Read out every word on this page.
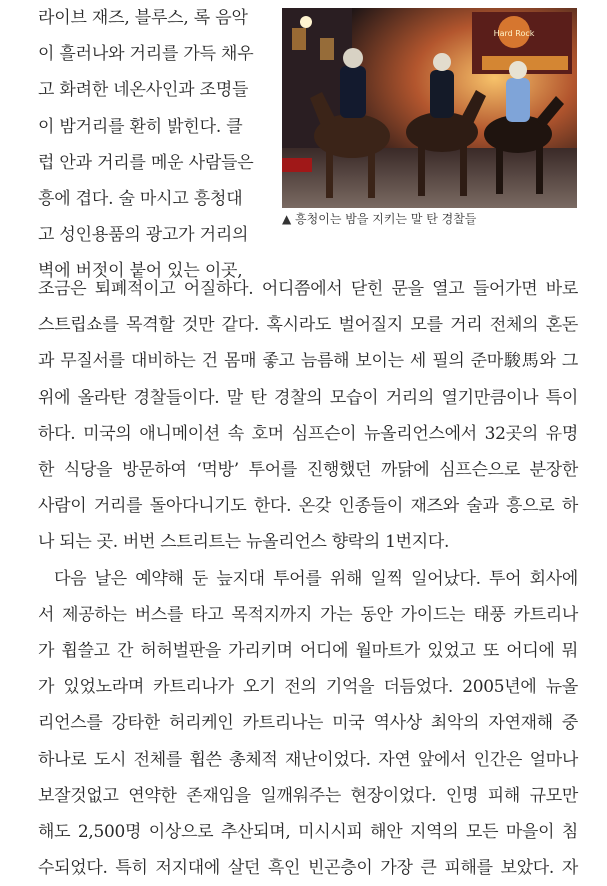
라이브 재즈, 블루스, 록 음악
이 흘러나와 거리를 가득 채우
고 화려한 네온사인과 조명들
이 밤거리를 환히 밝힌다. 클
럽 안과 거리를 메운 사람들은
흥에 겹다. 술 마시고 흥청대
고 성인용품의 광고가 거리의
벽에 버젓이 붙어 있는 이곳,
Hard Rock
▲ 흥청이는 밤을 지키는 말 탄 경찰들
조금은 퇴폐적이고 어질하다. 어디쯤에서 닫힌 문을 열고 들어가면 바로
스트립쇼를 목격할 것만 같다. 혹시라도 벌어질지 모를 거리 전체의 혼돈
과 무질서를 대비하는 건 몸매 좋고 늠름해 보이는 세 필의 준마駿馬와 그
위에 올라탄 경찰들이다. 말 탄 경찰의 모습이 거리의 열기만큼이나 특이
하다. 미국의 애니메이션 속 호머 심프슨이 뉴올리언스에서 32곳의 유명
한 식당을 방문하여 ‘먹방’ 투어를 진행했던 까닭에 심프슨으로 분장한
사람이 거리를 돌아다니기도 한다. 온갖 인종들이 재즈와 술과 흥으로 하
나 되는 곳. 버번 스트리트는 뉴올리언스 향락의 1번지다.
다음 날은 예약해 둔 늪지대 투어를 위해 일찍 일어났다. 투어 회사에
서 제공하는 버스를 타고 목적지까지 가는 동안 가이드는 태풍 카트리나
가 휩쓸고 간 허허벌판을 가리키며 어디에 월마트가 있었고 또 어디에 뭐
가 있었노라며 카트리나가 오기 전의 기억을 더듬었다. 2005년에 뉴올
리언스를 강타한 허리케인 카트리나는 미국 역사상 최악의 자연재해 중
하나로 도시 전체를 휩쓴 총체적 재난이었다. 자연 앞에서 인간은 얼마나
보잘것없고 연약한 존재임을 일깨워주는 현장이었다. 인명 피해 규모만
해도 2,500명 이상으로 추산되며, 미시시피 해안 지역의 모든 마을이 침
수되었다. 특히 저지대에 살던 흑인 빈곤층이 가장 큰 피해를 보았다. 자
